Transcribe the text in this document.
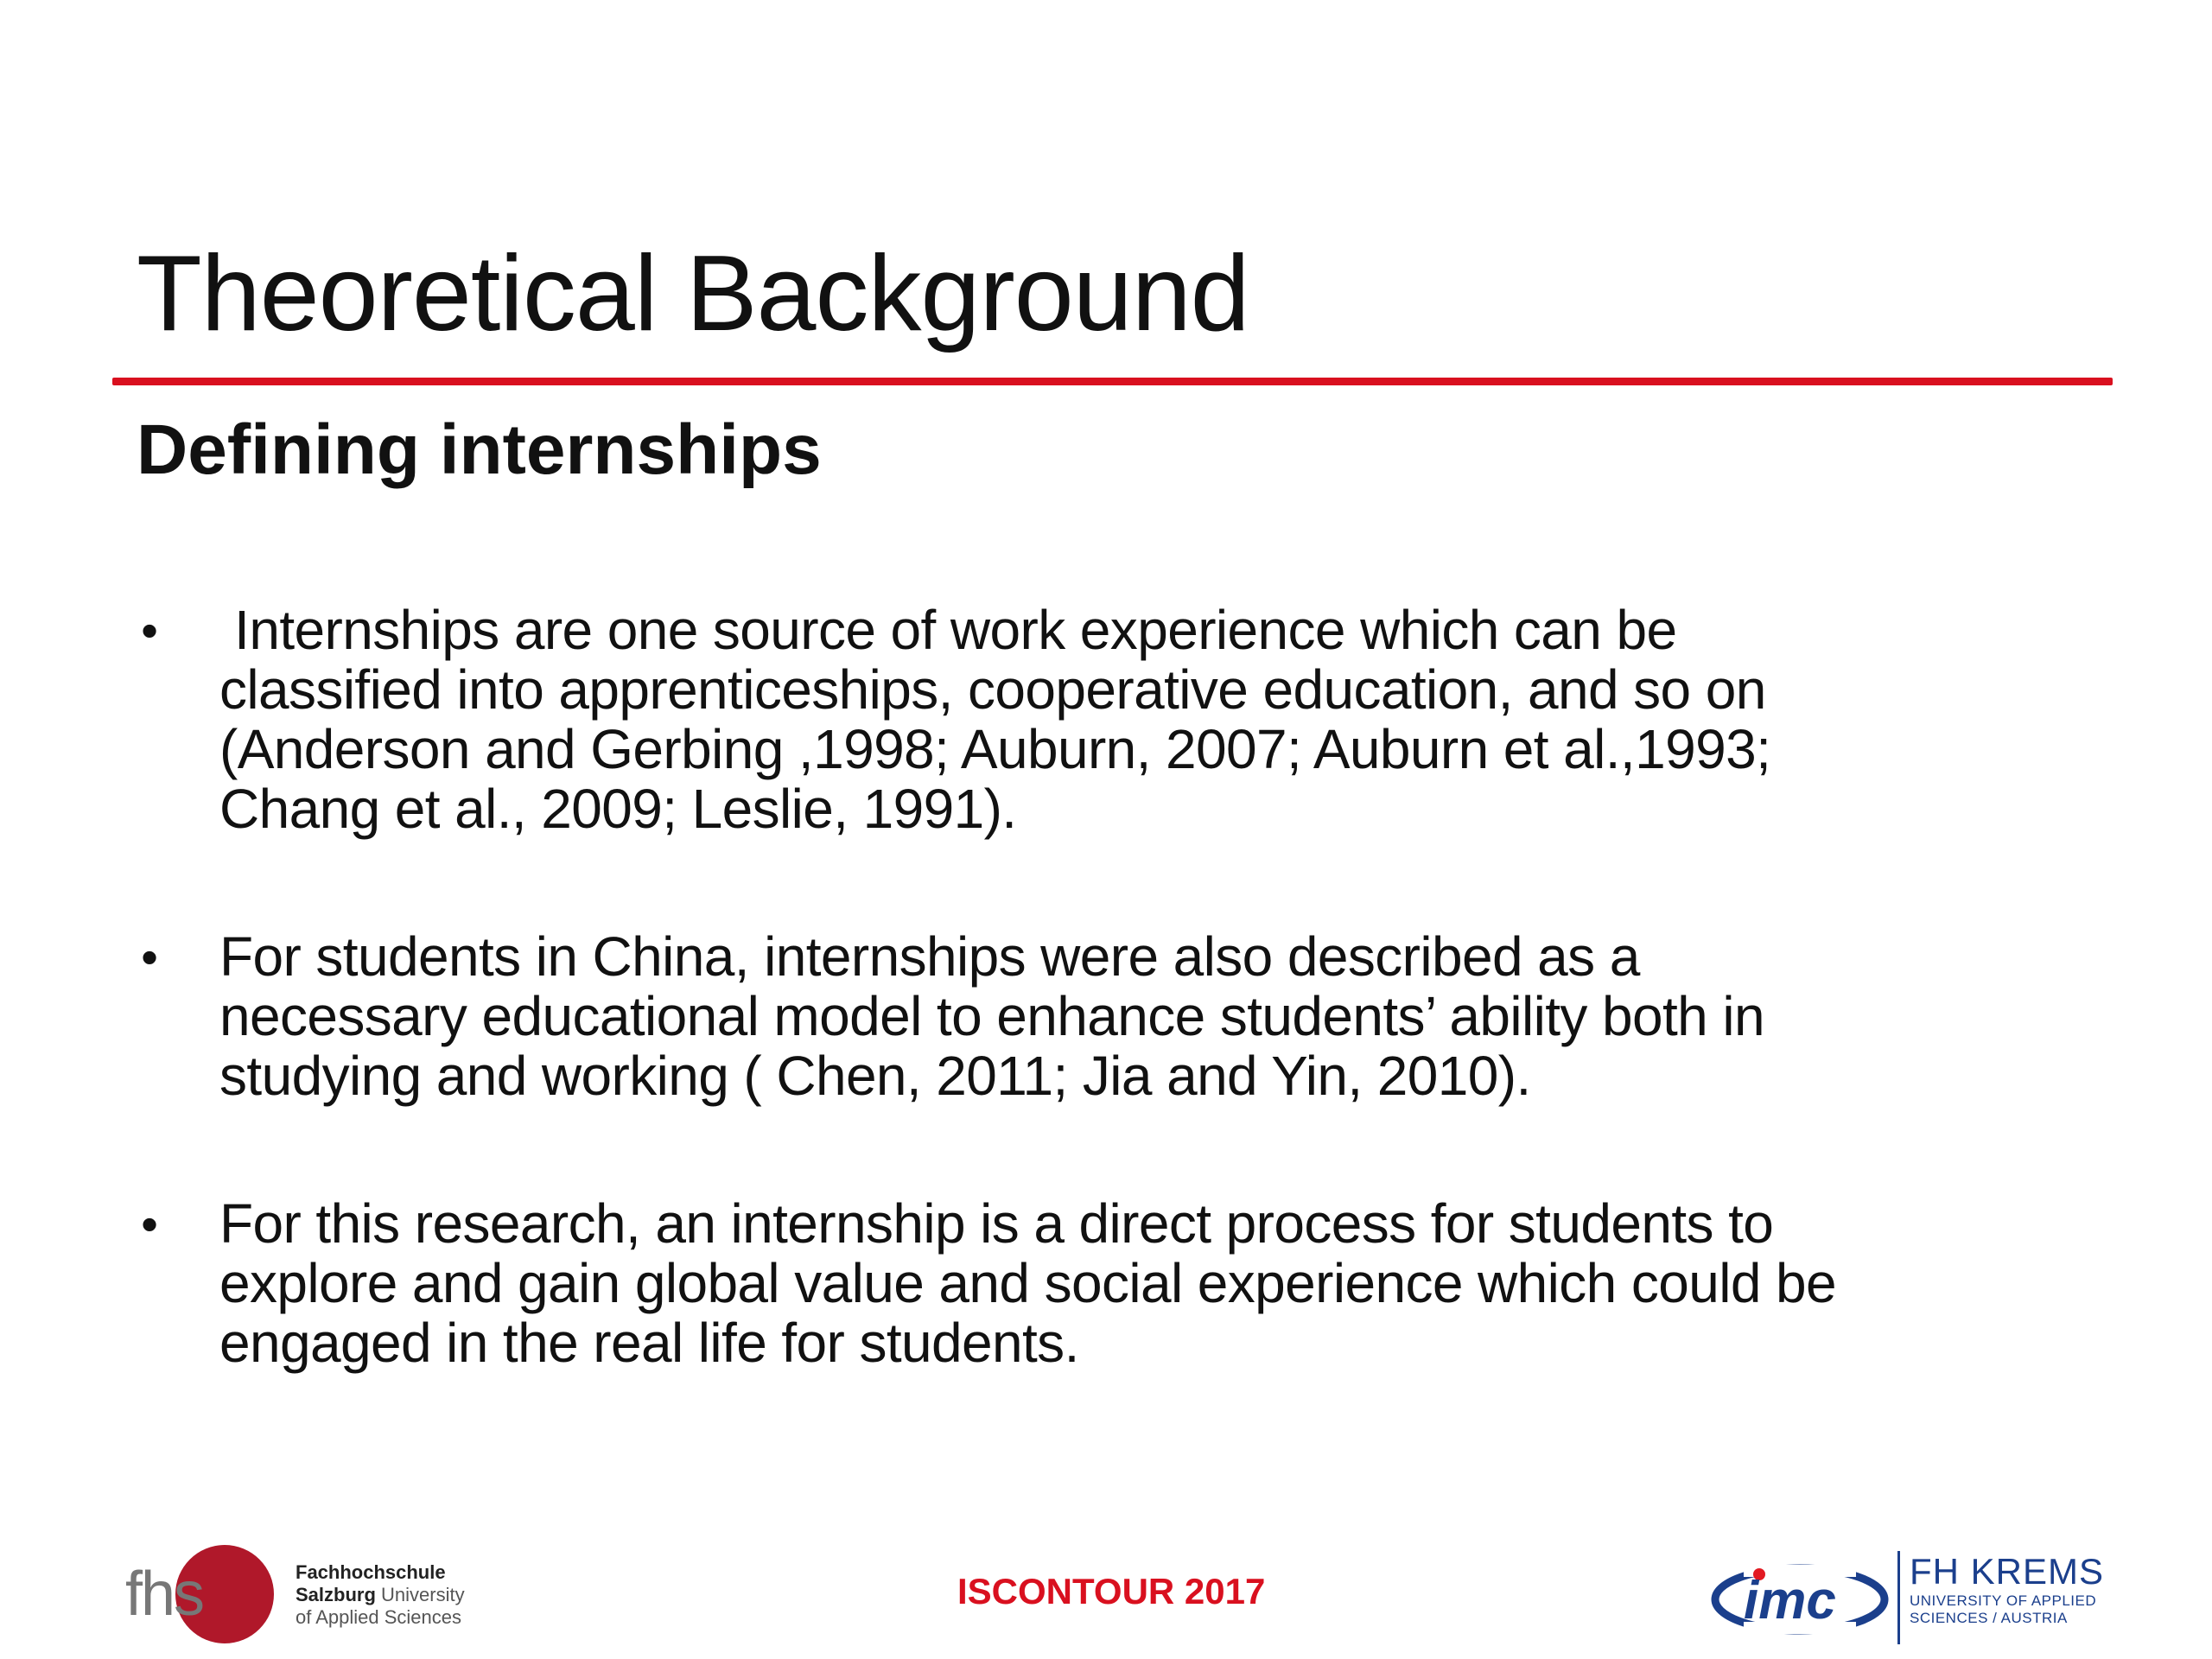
Theoretical Background
Defining internships
• Internships are one source of work experience which can be
classified into apprenticeships, cooperative education, and so on
(Anderson and Gerbing ,1998; Auburn, 2007; Auburn et al.,1993;
Chang et al., 2009; Leslie, 1991).
• For students in China, internships were also described as a
necessary educational model to enhance students’ ability both in
studying and working ( Chen, 2011; Jia and Yin, 2010).
• For this research, an internship is a direct process for students to
explore and gain global value and social experience which could be
engaged in the real life for students.
fhs	Fachhochschule
Salzburg University
of Applied Sciences
ISCONTOUR 2017	imc FH KREMS
UNIVERSITY OF APPLIED
SCIENCES / AUSTRIA
